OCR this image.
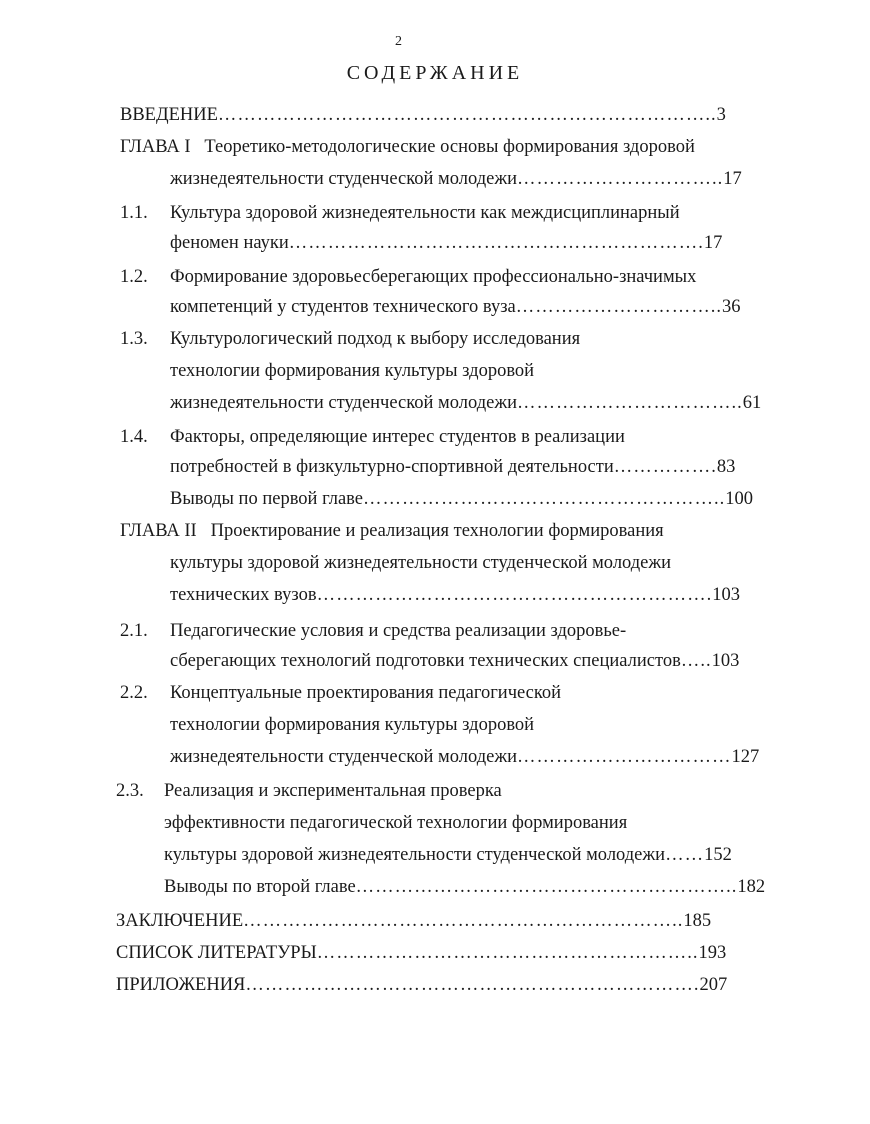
2
СОДЕРЖАНИЕ
ВВЕДЕНИЕ…………………………………………………………………..3
ГЛАВА I Теоретико-методологические основы формирования здоровой
жизнедеятельности студенческой молодежи…………………………..17
1.1. Культура здоровой жизнедеятельности как междисциплинарный
феномен науки……………………………………………………….17
1.2. Формирование здоровьесберегающих профессионально-значимых
компетенций у студентов технического вуза…………………………..36
1.3. Культурологический подход к выбору исследования
технологии формирования культуры здоровой
жизнедеятельности студенческой молодежи……………………………..61
1.4. Факторы, определяющие интерес студентов в реализации
потребностей в физкультурно-спортивной деятельности…………….83
Выводы по первой главе………………………………………………..100
ГЛАВА II Проектирование и реализация технологии формирования
культуры здоровой жизнедеятельности студенческой молодежи
технических вузов…………………………………………………….103
2.1. Педагогические условия и средства реализации здоровье-
сберегающих технологий подготовки технических специалистов…..103
2.2. Концептуальные проектирования педагогической
технологии формирования культуры здоровой
жизнедеятельности студенческой молодежи……………………………127
2.3. Реализация и экспериментальная проверка
эффективности педагогической технологии формирования
культуры здоровой жизнедеятельности студенческой молодежи……152
Выводы по второй главе…………………………………………………..182
ЗАКЛЮЧЕНИЕ…………………………………………………………..185
СПИСОК ЛИТЕРАТУРЫ…………………………………………………..193
ПРИЛОЖЕНИЯ…………………………………………………………….207
